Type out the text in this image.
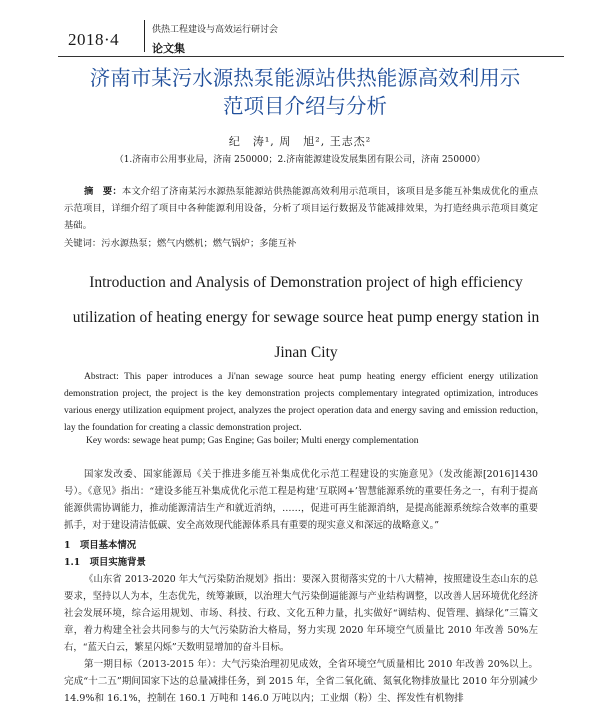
2018·4	供热工程建设与高效运行研讨会
论文集
济南市某污水源热泵能源站供热能源高效利用示
范项目介绍与分析
纪　涛¹, 周　旭², 王志杰²
（1.济南市公用事业局，济南 250000；2.济南能源建设发展集团有限公司，济南 250000）
摘　要：本文介绍了济南某污水源热泵能源站供热能源高效利用示范项目，该项目是多能互补集成优化的重点示范项目，详细介绍了项目中各种能源利用设备，分析了项目运行数据及节能减排效果，为打造经典示范项目奠定基础。
关键词：污水源热泵；燃气内燃机；燃气锅炉；多能互补
Introduction and Analysis of Demonstration project of high efficiency
utilization of heating energy for sewage source heat pump energy station in
Jinan City
Abstract: This paper introduces a Ji'nan sewage source heat pump heating energy efficient energy utilization demonstration project, the project is the key demonstration projects complementary integrated optimization, introduces various energy utilization equipment project, analyzes the project operation data and energy saving and emission reduction, lay the foundation for creating a classic demonstration project.
Key words: sewage heat pump; Gas Engine; Gas boiler; Multi energy complementation
国家发改委、国家能源局《关于推进多能互补集成优化示范工程建设的实施意见》（发改能源[2016]1430 号）。《意见》指出：“建设多能互补集成优化示范工程是构建‘互联网+’智慧能源系统的重要任务之一，有利于提高能源供需协调能力，推动能源清洁生产和就近消纳，……，促进可再生能源消纳，是提高能源系统综合效率的重要抓手，对于建设清洁低碳、安全高效现代能源体系具有重要的现实意义和深远的战略意义。”
1　项目基本情况
1.1　项目实施背景
《山东省 2013-2020 年大气污染防治规划》指出：要深入贯彻落实党的十八大精神，按照建设生态山东的总要求，坚持以人为本，生态优先，统筹兼顾，以治理大气污染倒逼能源与产业结构调整，以改善人居环境优化经济社会发展环境，综合运用规划、市场、科技、行政、文化五种力量，扎实做好“调结构、促管理、搞绿化”三篇文章，着力构建全社会共同参与的大气污染防治大格局，努力实现 2020 年环境空气质量比 2010 年改善 50%左右，“蓝天白云，繁星闪烁”天数明显增加的奋斗目标。
第一期目标（2013-2015 年）：大气污染治理初见成效，全省环境空气质量相比 2010 年改善 20%以上。完成“十二五”期间国家下达的总量减排任务，到 2015 年，全省二氧化硫、氮氧化物排放量比 2010 年分别减少 14.9%和 16.1%，控制在 160.1 万吨和 146.0 万吨以内；工业烟（粉）尘、挥发性有机物排
